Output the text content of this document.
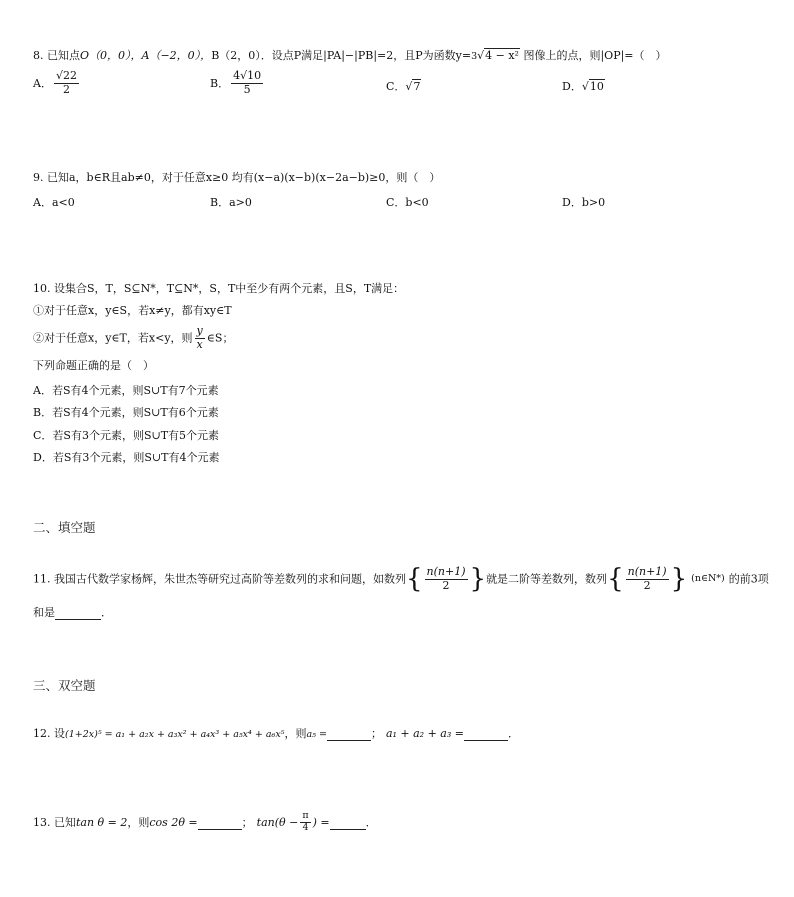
8. 已知点O（0，0），A（−2，0），B（2，0）．设点P满足|PA|−|PB|=2，且P为函数y=3√4 − x² 图像上的点，则|OP|=（　）
A． $\frac{√22}{2}$	B． $\frac{4√10}{5}$	C．√7	D．√10
9. 已知a，b∈R且ab≠0，对于任意x≥0 均有(x−a)(x−b)(x−2a−b)≥0，则（　）
A．a<0	B．a>0	C．b<0	D．b>0
10. 设集合S，T，S⊆N*，T⊆N*，S，T中至少有两个元素，且S，T满足：
①对于任意x，y∈S，若x≠y，都有xy∈T
②对于任意x，y∈T，若x<y，则 $\frac{y}{x}$ ∈S；
下列命题正确的是（　）
A．若S有4个元素，则S∪T有7个元素
B．若S有4个元素，则S∪T有6个元素
C．若S有3个元素，则S∪T有5个元素
D．若S有3个元素，则S∪T有4个元素
二、填空题
11. 我国古代数学家杨辉，朱世杰等研究过高阶等差数列的求和问题，如数列{ $\frac{n(n+1)}{2}$ }就是二阶等差数列，数列{ $\frac{n(n+1)}{2}$ } (n∈N*) 的前3项
和是	．
三、双空题
12. 设(1+2x)⁵ = a₁ + a₂x + a₃x² + a₄x³ + a₅x⁴ + a₆x⁵，则a₅ =	； a₁ + a₂ + a₃ =	．
13. 已知tan θ = 2，则cos 2θ =	； $\tan(\theta - \frac{\pi}{4}$ ) =	．
